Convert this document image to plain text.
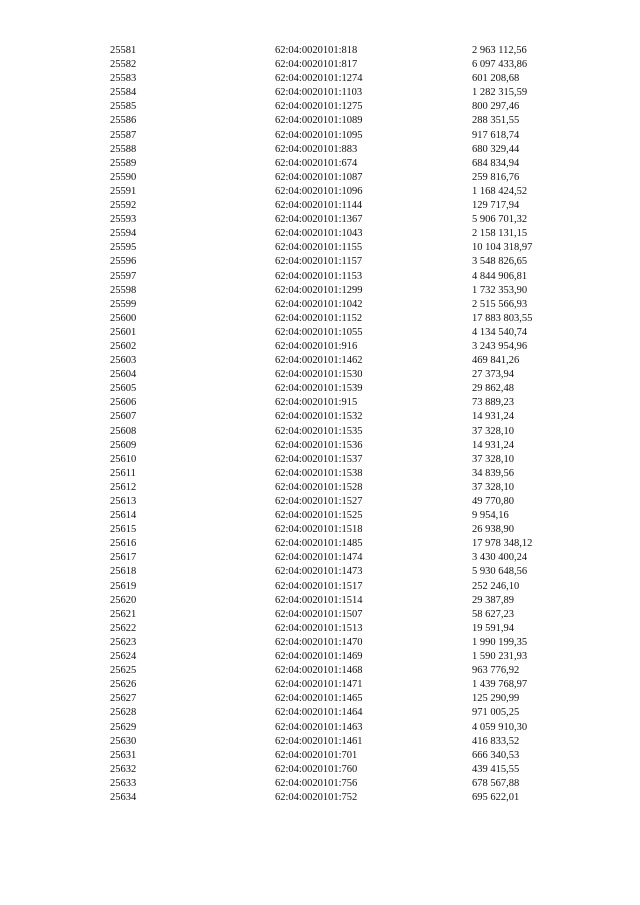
25581	62:04:0020101:818	2 963 112,56
25582	62:04:0020101:817	6 097 433,86
25583	62:04:0020101:1274	601 208,68
25584	62:04:0020101:1103	1 282 315,59
25585	62:04:0020101:1275	800 297,46
25586	62:04:0020101:1089	288 351,55
25587	62:04:0020101:1095	917 618,74
25588	62:04:0020101:883	680 329,44
25589	62:04:0020101:674	684 834,94
25590	62:04:0020101:1087	259 816,76
25591	62:04:0020101:1096	1 168 424,52
25592	62:04:0020101:1144	129 717,94
25593	62:04:0020101:1367	5 906 701,32
25594	62:04:0020101:1043	2 158 131,15
25595	62:04:0020101:1155	10 104 318,97
25596	62:04:0020101:1157	3 548 826,65
25597	62:04:0020101:1153	4 844 906,81
25598	62:04:0020101:1299	1 732 353,90
25599	62:04:0020101:1042	2 515 566,93
25600	62:04:0020101:1152	17 883 803,55
25601	62:04:0020101:1055	4 134 540,74
25602	62:04:0020101:916	3 243 954,96
25603	62:04:0020101:1462	469 841,26
25604	62:04:0020101:1530	27 373,94
25605	62:04:0020101:1539	29 862,48
25606	62:04:0020101:915	73 889,23
25607	62:04:0020101:1532	14 931,24
25608	62:04:0020101:1535	37 328,10
25609	62:04:0020101:1536	14 931,24
25610	62:04:0020101:1537	37 328,10
25611	62:04:0020101:1538	34 839,56
25612	62:04:0020101:1528	37 328,10
25613	62:04:0020101:1527	49 770,80
25614	62:04:0020101:1525	9 954,16
25615	62:04:0020101:1518	26 938,90
25616	62:04:0020101:1485	17 978 348,12
25617	62:04:0020101:1474	3 430 400,24
25618	62:04:0020101:1473	5 930 648,56
25619	62:04:0020101:1517	252 246,10
25620	62:04:0020101:1514	29 387,89
25621	62:04:0020101:1507	58 627,23
25622	62:04:0020101:1513	19 591,94
25623	62:04:0020101:1470	1 990 199,35
25624	62:04:0020101:1469	1 590 231,93
25625	62:04:0020101:1468	963 776,92
25626	62:04:0020101:1471	1 439 768,97
25627	62:04:0020101:1465	125 290,99
25628	62:04:0020101:1464	971 005,25
25629	62:04:0020101:1463	4 059 910,30
25630	62:04:0020101:1461	416 833,52
25631	62:04:0020101:701	666 340,53
25632	62:04:0020101:760	439 415,55
25633	62:04:0020101:756	678 567,88
25634	62:04:0020101:752	695 622,01
